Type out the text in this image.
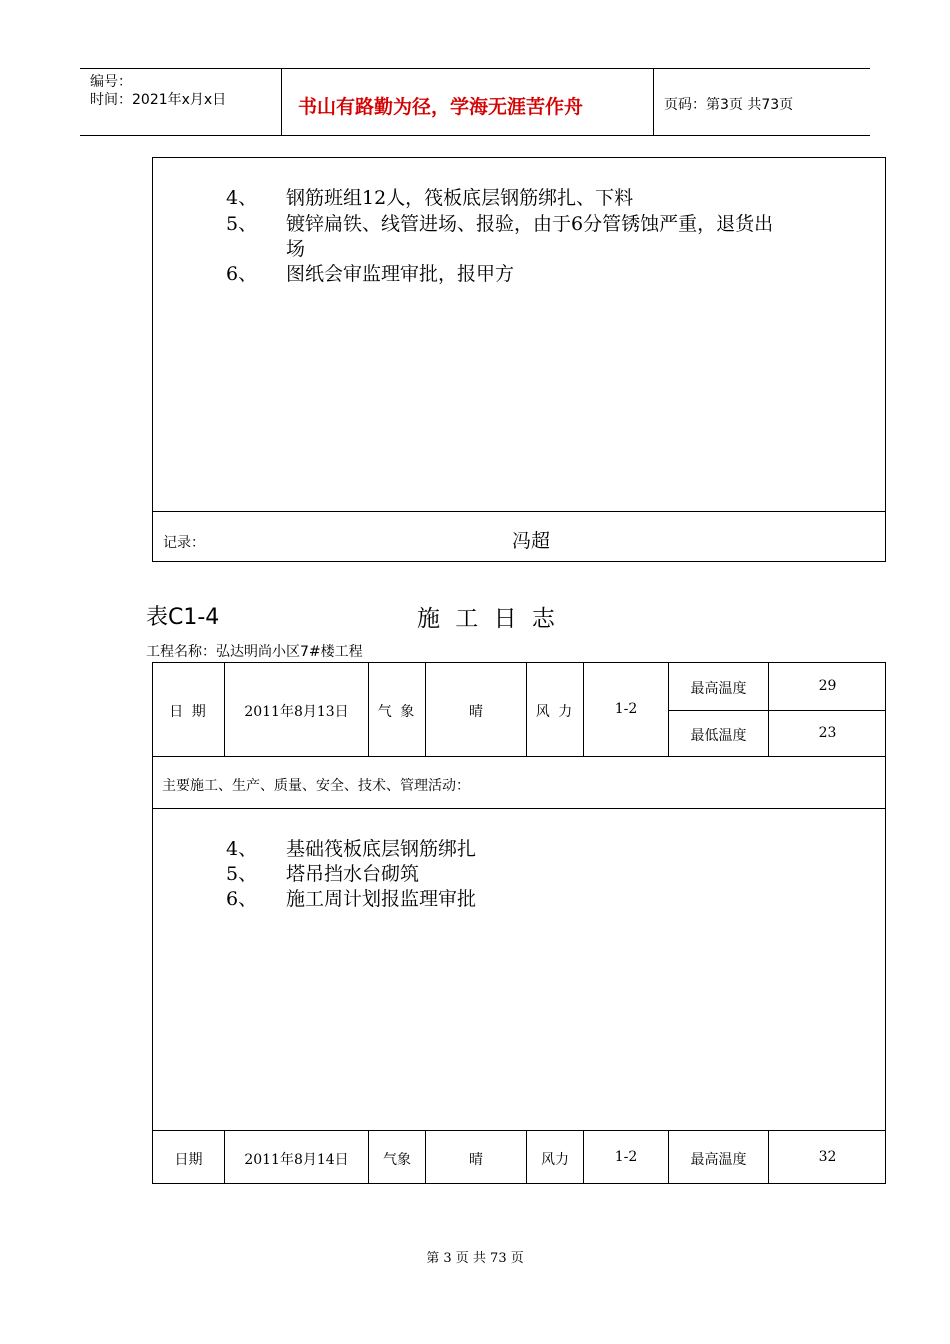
编号：
时间：2021年x月x日	书山有路勤为径，学海无涯苦作舟	页码：第3页 共73页
4、 钢筋班组12人，筏板底层钢筋绑扎、下料
5、 镀锌扁铁、线管进场、报验，由于6分管锈蚀严重，退货出
场
6、 图纸会审监理审批，报甲方
记录：	冯超
表C1-4	施 工 日 志
工程名称：弘达明尚小区7#楼工程
日 期	2011年8月13日	气 象	晴	风 力	1-2
最高温度	29
最低温度	23
主要施工、生产、质量、安全、技术、管理活动：
4、 基础筏板底层钢筋绑扎
5、 塔吊挡水台砌筑
6、 施工周计划报监理审批
日期	2011年8月14日	气象	晴	风力	1-2	最高温度	32
第 3 页 共 73 页
